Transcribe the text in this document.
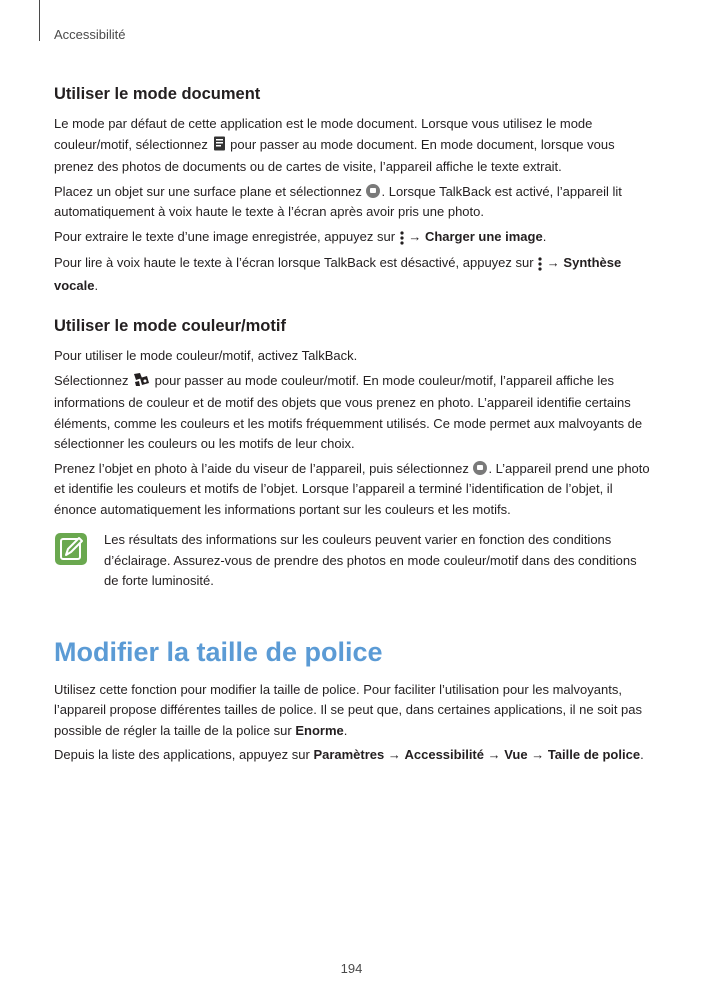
Accessibilité
Utiliser le mode document

Le mode par défaut de cette application est le mode document. Lorsque vous utilisez le mode couleur/motif, sélectionnez  pour passer au mode document. En mode document, lorsque vous prenez des photos de documents ou de cartes de visite, l’appareil affiche le texte extrait.

Placez un objet sur une surface plane et sélectionnez . Lorsque TalkBack est activé, l’appareil lit automatiquement à voix haute le texte à l’écran après avoir pris une photo.

Pour extraire le texte d’une image enregistrée, appuyez sur  → Charger une image.

Pour lire à voix haute le texte à l’écran lorsque TalkBack est désactivé, appuyez sur  → Synthèse vocale.

Utiliser le mode couleur/motif

Pour utiliser le mode couleur/motif, activez TalkBack.

Sélectionnez  pour passer au mode couleur/motif. En mode couleur/motif, l’appareil affiche les informations de couleur et de motif des objets que vous prenez en photo. L’appareil identifie certains éléments, comme les couleurs et les motifs fréquemment utilisés. Ce mode permet aux malvoyants de sélectionner les couleurs ou les motifs de leur choix.

Prenez l’objet en photo à l’aide du viseur de l’appareil, puis sélectionnez . L’appareil prend une photo et identifie les couleurs et motifs de l’objet. Lorsque l’appareil a terminé l’identification de l’objet, il énonce automatiquement les informations portant sur les couleurs et les motifs.

Les résultats des informations sur les couleurs peuvent varier en fonction des conditions d’éclairage. Assurez-vous de prendre des photos en mode couleur/motif dans des conditions de forte luminosité.

Modifier la taille de police

Utilisez cette fonction pour modifier la taille de police. Pour faciliter l’utilisation pour les malvoyants, l’appareil propose différentes tailles de police. Il se peut que, dans certaines applications, il ne soit pas possible de régler la taille de la police sur Enorme.

Depuis la liste des applications, appuyez sur Paramètres → Accessibilité → Vue → Taille de police.

194
